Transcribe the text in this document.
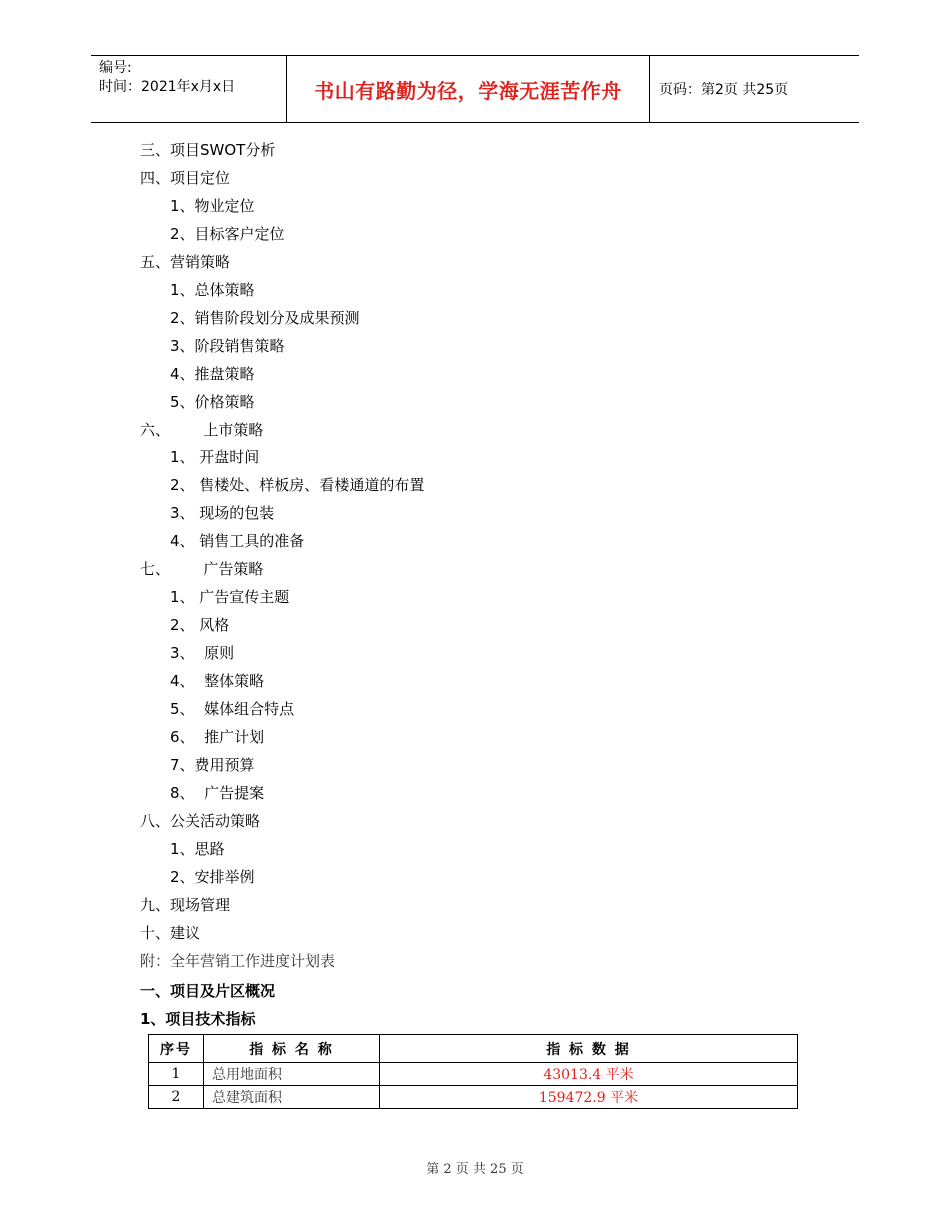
编号:
时间：2021年x月x日	书山有路勤为径，学海无涯苦作舟	页码：第2页 共25页
三、项目SWOT分析
四、项目定位
1、物业定位
2、目标客户定位
五、营销策略
1、总体策略
2、销售阶段划分及成果预测
3、阶段销售策略
4、推盘策略
5、价格策略
六、       上市策略
1、 开盘时间
2、 售楼处、样板房、看楼通道的布置
3、 现场的包装
4、 销售工具的准备
七、       广告策略
1、 广告宣传主题
2、 风格
3、  原则
4、  整体策略
5、  媒体组合特点
6、  推广计划
7、费用预算
8、  广告提案
八、公关活动策略
1、思路
2、安排举例
九、现场管理
十、建议
附：全年营销工作进度计划表
一、项目及片区概况
1、项目技术指标
序号	指 标 名 称	指 标 数 据
1	总用地面积	43013.4 平米
2	总建筑面积	159472.9 平米
第 2 页 共 25 页
